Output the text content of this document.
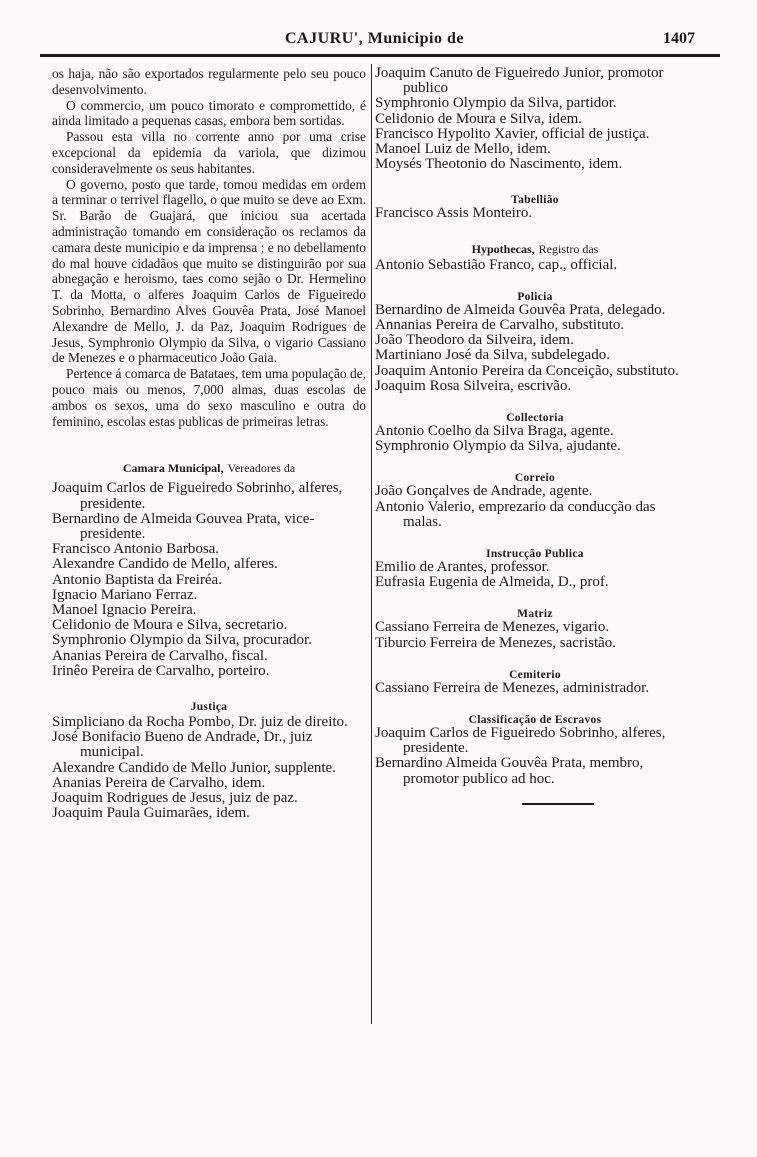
CAJURU', Municipio de	1407

os haja, não são exportados regularmente pelo seu pouco desenvolvimento.

O commercio, um pouco timorato e compromettido, é ainda limitado a pequenas casas, embora bem sortidas.

Passou esta villa no corrente anno por uma crise excepcional da epidemia da variola, que dizimou consideravelmente os seus habitantes.

O governo, posto que tarde, tomou medidas em ordem a terminar o terrivel flagello, o que muito se deve ao Exm. Sr. Barão de Guajará, que iniciou sua acertada administração tomando em consideração os reclamos da camara deste municipio e da imprensa ; e no debellamento do mal houve cidadãos que muito se distinguirão por sua abnegação e heroismo, taes como sejão o Dr. Hermelino T. da Motta, o alferes Joaquim Carlos de Figueiredo Sobrinho, Bernardino Alves Gouvêa Prata, José Manoel Alexandre de Mello, J. da Paz, Joaquim Rodrigues de Jesus, Symphronio Olympio da Silva, o vigario Cassiano de Menezes e o pharmaceutico João Gaia.

Pertence á comarca de Batataes, tem uma população de, pouco mais ou menos, 7,000 almas, duas escolas de ambos os sexos, uma do sexo masculino e outra do feminino, escolas estas publicas de primeiras letras.

Camara Municipal, Vereadores da

Joaquim Carlos de Figueiredo Sobrinho, alferes, presidente.

Bernardino de Almeida Gouvea Prata, vice-presidente.

Francisco Antonio Barbosa.

Alexandre Candido de Mello, alferes.

Antonio Baptista da Freiréa.

Ignacio Mariano Ferraz.

Manoel Ignacio Pereira.

Celidonio de Moura e Silva, secretario.

Symphronio Olympio da Silva, procurador.

Ananias Pereira de Carvalho, fiscal.

Irinêo Pereira de Carvalho, porteiro.

Justiça

Simpliciano da Rocha Pombo, Dr. juiz de direito.

José Bonifacio Bueno de Andrade, Dr., juiz municipal.

Alexandre Candido de Mello Junior, supplente.

Ananias Pereira de Carvalho, idem.

Joaquim Rodrigues de Jesus, juiz de paz.

Joaquim Paula Guimarães, idem.

Joaquim Canuto de Figueiredo Junior, promotor publico

Symphronio Olympio da Silva, partidor.

Celidonio de Moura e Silva, idem.

Francisco Hypolito Xavier, official de justiça.

Manoel Luiz de Mello, idem.

Moysés Theotonio do Nascimento, idem.

Tabellião

Francisco Assis Monteiro.

Hypothecas, Registro das

Antonio Sebastião Franco, cap., official.

Policia

Bernardino de Almeida Gouvêa Prata, delegado.

Annanias Pereira de Carvalho, substituto.

João Theodoro da Silveira, idem.

Martiniano José da Silva, subdelegado.

Joaquim Antonio Pereira da Conceição, substituto.

Joaquim Rosa Silveira, escrivão.

Collectoria

Antonio Coelho da Silva Braga, agente.

Symphronio Olympio da Silva, ajudante.

Correio

João Gonçalves de Andrade, agente.

Antonio Valerio, emprezario da conducção das malas.

Instrucção Publica

Emilio de Arantes, professor.

Eufrasia Eugenia de Almeida, D., prof.

Matriz

Cassiano Ferreira de Menezes, vigario.

Tiburcio Ferreira de Menezes, sacristão.

Cemiterio

Cassiano Ferreira de Menezes, administrador.

Classificação de Escravos

Joaquim Carlos de Figueiredo Sobrinho, alferes, presidente.

Bernardino Almeida Gouvêa Prata, membro, promotor publico ad hoc.
